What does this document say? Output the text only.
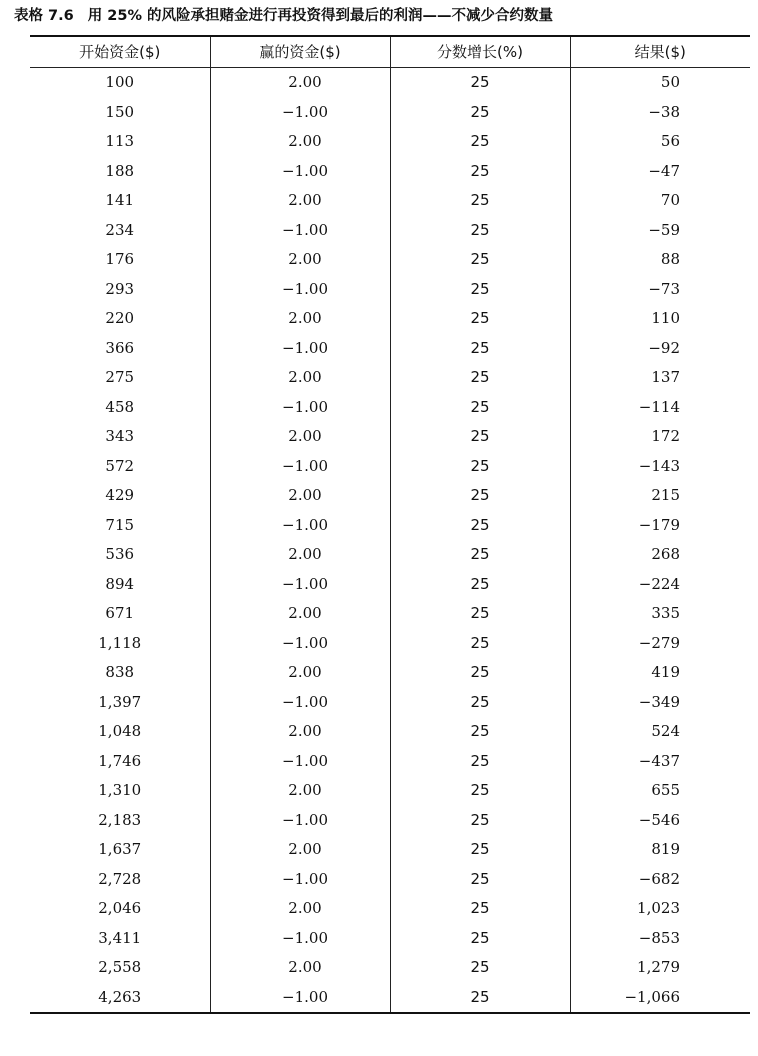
表格 7.6 用 25% 的风险承担赌金进行再投资得到最后的利润——不减少合约数量
开始资金($)	赢的资金($)	分数增长(%)	结果($)
100	2.00	25	50
150	−1.00	25	−38
113	2.00	25	56
188	−1.00	25	−47
141	2.00	25	70
234	−1.00	25	−59
176	2.00	25	88
293	−1.00	25	−73
220	2.00	25	110
366	−1.00	25	−92
275	2.00	25	137
458	−1.00	25	−114
343	2.00	25	172
572	−1.00	25	−143
429	2.00	25	215
715	−1.00	25	−179
536	2.00	25	268
894	−1.00	25	−224
671	2.00	25	335
1,118	−1.00	25	−279
838	2.00	25	419
1,397	−1.00	25	−349
1,048	2.00	25	524
1,746	−1.00	25	−437
1,310	2.00	25	655
2,183	−1.00	25	−546
1,637	2.00	25	819
2,728	−1.00	25	−682
2,046	2.00	25	1,023
3,411	−1.00	25	−853
2,558	2.00	25	1,279
4,263	−1.00	25	−1,066
